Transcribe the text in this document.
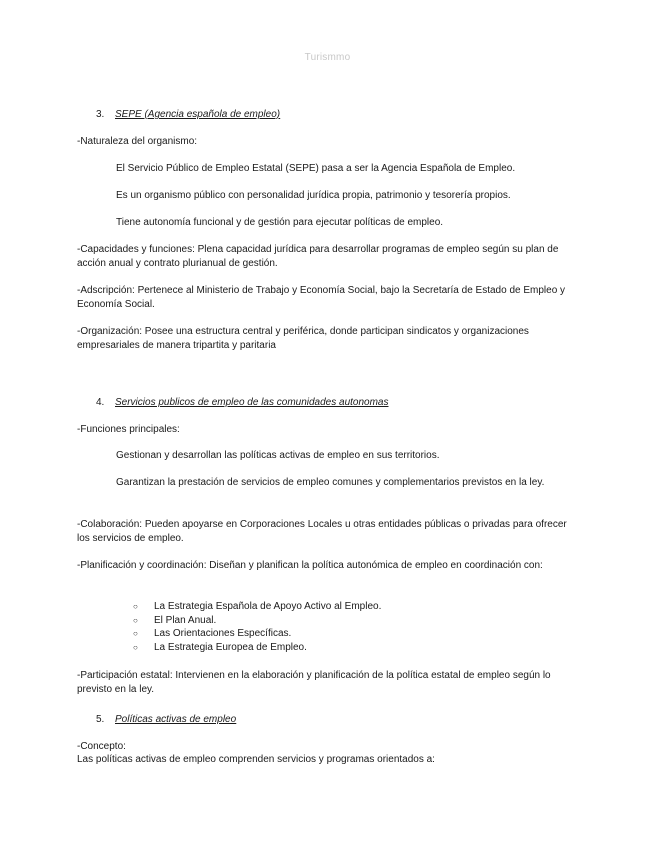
Turismmo
3. SEPE (Agencia española de empleo)

-Naturaleza del organismo:

El Servicio Público de Empleo Estatal (SEPE) pasa a ser la Agencia Española de Empleo.

Es un organismo público con personalidad jurídica propia, patrimonio y tesorería propios.

Tiene autonomía funcional y de gestión para ejecutar políticas de empleo.

-Capacidades y funciones: Plena capacidad jurídica para desarrollar programas de empleo según su plan de acción anual y contrato plurianual de gestión.

-Adscripción: Pertenece al Ministerio de Trabajo y Economía Social, bajo la Secretaría de Estado de Empleo y Economía Social.

-Organización: Posee una estructura central y periférica, donde participan sindicatos y organizaciones empresariales de manera tripartita y paritaria

4. Servicios publicos de empleo de las comunidades autonomas

-Funciones principales:

Gestionan y desarrollan las políticas activas de empleo en sus territorios.

Garantizan la prestación de servicios de empleo comunes y complementarios previstos en la ley.

-Colaboración: Pueden apoyarse en Corporaciones Locales u otras entidades públicas o privadas para ofrecer los servicios de empleo.

-Planificación y coordinación: Diseñan y planifican la política autonómica de empleo en coordinación con:

○ La Estrategia Española de Apoyo Activo al Empleo.
○ El Plan Anual.
○ Las Orientaciones Específicas.
○ La Estrategia Europea de Empleo.

-Participación estatal: Intervienen en la elaboración y planificación de la política estatal de empleo según lo previsto en la ley.

5. Políticas activas de empleo

-Concepto:

Las políticas activas de empleo comprenden servicios y programas orientados a:
